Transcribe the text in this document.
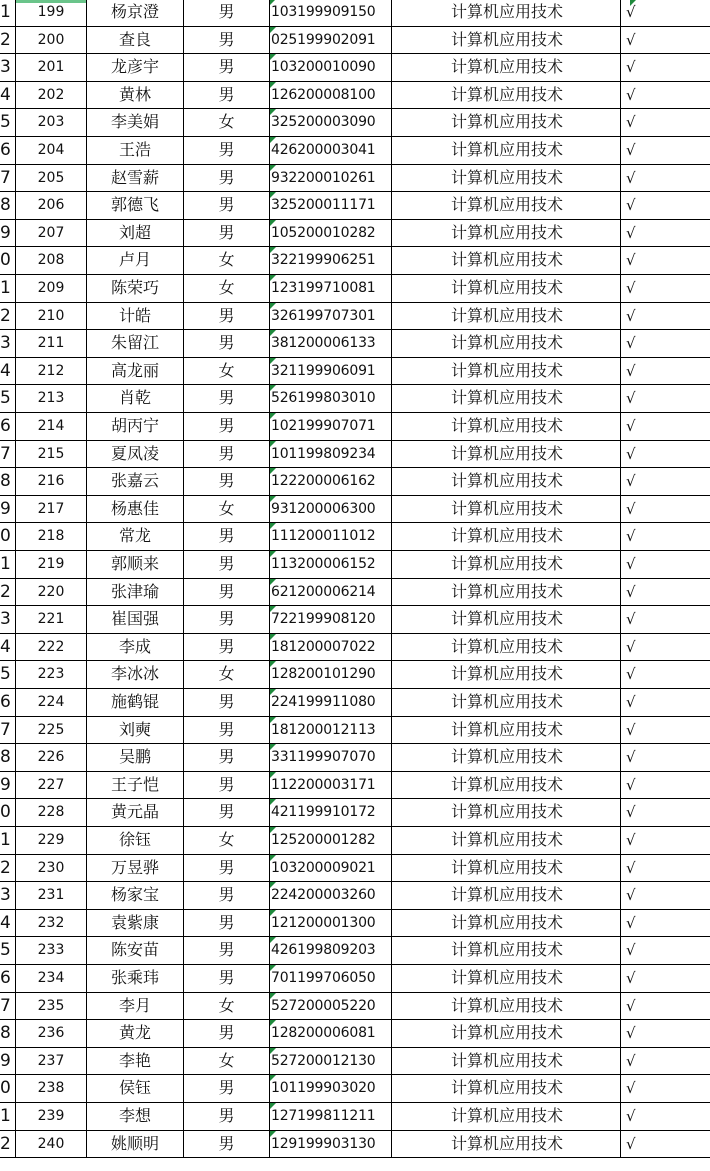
1	199	杨京澄	男	103199909150	计算机应用技术	√
2	200	查良	男	025199902091	计算机应用技术	√
3	201	龙彦宇	男	103200010090	计算机应用技术	√
4	202	黄林	男	126200008100	计算机应用技术	√
5	203	李美娟	女	325200003090	计算机应用技术	√
6	204	王浩	男	426200003041	计算机应用技术	√
7	205	赵雪薪	男	932200010261	计算机应用技术	√
8	206	郭德飞	男	325200011171	计算机应用技术	√
9	207	刘超	男	105200010282	计算机应用技术	√
0	208	卢月	女	322199906251	计算机应用技术	√
1	209	陈荣巧	女	123199710081	计算机应用技术	√
2	210	计皓	男	326199707301	计算机应用技术	√
3	211	朱留江	男	381200006133	计算机应用技术	√
4	212	高龙丽	女	321199906091	计算机应用技术	√
5	213	肖乾	男	526199803010	计算机应用技术	√
6	214	胡丙宁	男	102199907071	计算机应用技术	√
7	215	夏凤凌	男	101199809234	计算机应用技术	√
8	216	张嘉云	男	122200006162	计算机应用技术	√
9	217	杨惠佳	女	931200006300	计算机应用技术	√
0	218	常龙	男	111200011012	计算机应用技术	√
1	219	郭顺来	男	113200006152	计算机应用技术	√
2	220	张津瑜	男	621200006214	计算机应用技术	√
3	221	崔国强	男	722199908120	计算机应用技术	√
4	222	李成	男	181200007022	计算机应用技术	√
5	223	李冰冰	女	128200101290	计算机应用技术	√
6	224	施鹤锟	男	224199911080	计算机应用技术	√
7	225	刘奭	男	181200012113	计算机应用技术	√
8	226	吴鹏	男	331199907070	计算机应用技术	√
9	227	王子恺	男	112200003171	计算机应用技术	√
0	228	黄元晶	男	421199910172	计算机应用技术	√
1	229	徐钰	女	125200001282	计算机应用技术	√
2	230	万昱骅	男	103200009021	计算机应用技术	√
3	231	杨家宝	男	224200003260	计算机应用技术	√
4	232	袁紫康	男	121200001300	计算机应用技术	√
5	233	陈安苗	男	426199809203	计算机应用技术	√
6	234	张乘玮	男	701199706050	计算机应用技术	√
7	235	李月	女	527200005220	计算机应用技术	√
8	236	黄龙	男	128200006081	计算机应用技术	√
9	237	李艳	女	527200012130	计算机应用技术	√
0	238	侯钰	男	101199903020	计算机应用技术	√
1	239	李想	男	127199811211	计算机应用技术	√
2	240	姚顺明	男	129199903130	计算机应用技术	√
